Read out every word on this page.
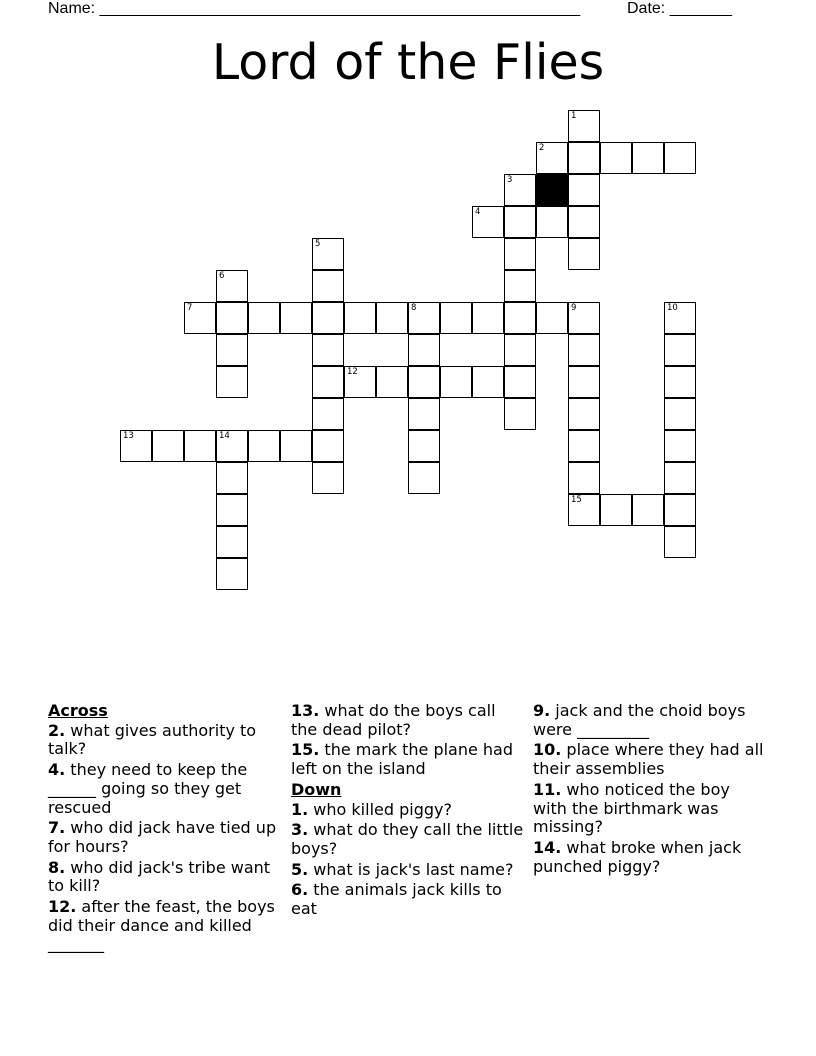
Name: ______________________________________________________	Date: _______
Lord of the Flies
1
2
3
4
5
6
7	8	9	10
12
13	14
15
Across
2. what gives authority to talk?
4. they need to keep the ______ going so they get rescued
7. who did jack have tied up for hours?
8. who did jack's tribe want to kill?
12. after the feast, the boys did their dance and killed _______
13. what do the boys call the dead pilot?
15. the mark the plane had left on the island
Down
1. who killed piggy?
3. what do they call the little boys?
5. what is jack's last name?
6. the animals jack kills to eat
9. jack and the choid boys were _________
10. place where they had all their assemblies
11. who noticed the boy with the birthmark was missing?
14. what broke when jack punched piggy?
